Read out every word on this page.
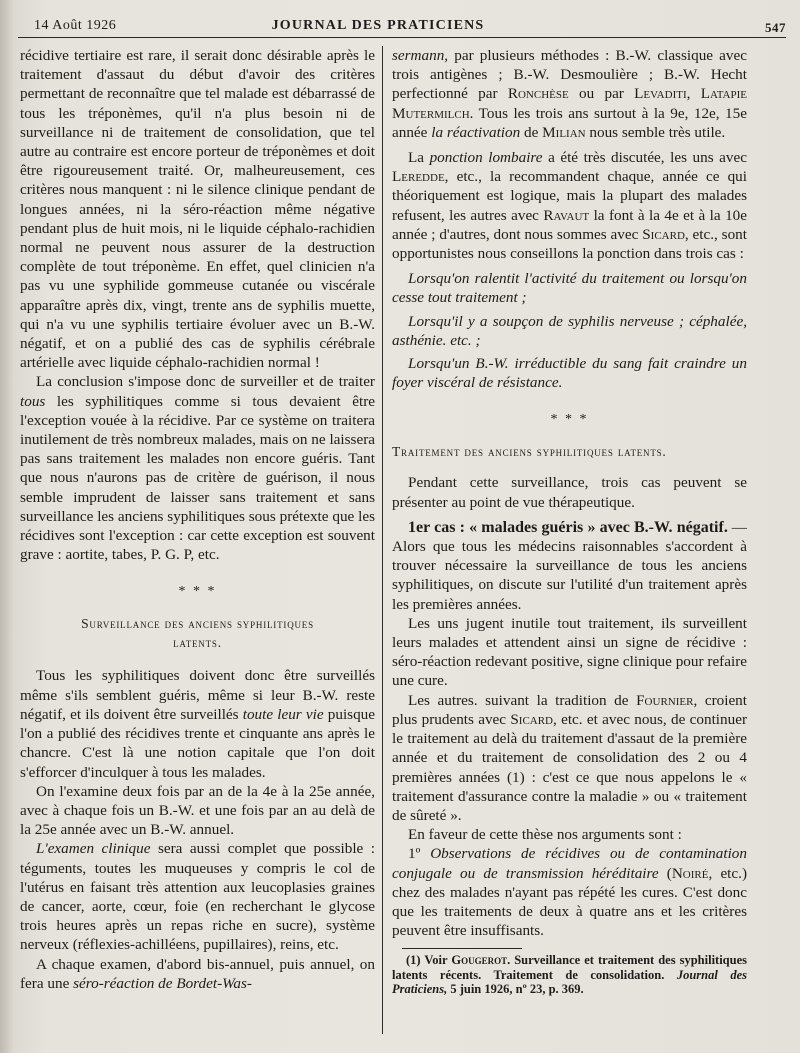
14 Août 1926	JOURNAL DES PRATICIENS	547

récidive tertiaire est rare, il serait donc désirable après le traitement d'assaut du début d'avoir des critères permettant de reconnaître que tel malade est débarrassé de tous les tréponèmes, qu'il n'a plus besoin ni de surveillance ni de traitement de consolidation, que tel autre au contraire est encore porteur de tréponèmes et doit être rigoureusement traité. Or, malheureusement, ces critères nous manquent : ni le silence clinique pendant de longues années, ni la séro-réaction même négative pendant plus de huit mois, ni le liquide céphalo-rachidien normal ne peuvent nous assurer de la destruction complète de tout tréponème. En effet, quel clinicien n'a pas vu une syphilide gommeuse cutanée ou viscérale apparaître après dix, vingt, trente ans de syphilis muette, qui n'a vu une syphilis tertiaire évoluer avec un B.-W. négatif, et on a publié des cas de syphilis cérébrale artérielle avec liquide céphalo-rachidien normal !

La conclusion s'impose donc de surveiller et de traiter tous les syphilitiques comme si tous devaient être l'exception vouée à la récidive. Par ce système on traitera inutilement de très nombreux malades, mais on ne laissera pas sans traitement les malades non encore guéris. Tant que nous n'aurons pas de critère de guérison, il nous semble imprudent de laisser sans traitement et sans surveillance les anciens syphilitiques sous prétexte que les récidives sont l'exception : car cette exception est souvent grave : aortite, tabes, P. G. P, etc.

* * *
Surveillance des anciens syphilitiques
latents.

Tous les syphilitiques doivent donc être surveillés même s'ils semblent guéris, même si leur B.-W. reste négatif, et ils doivent être surveillés toute leur vie puisque l'on a publié des récidives trente et cinquante ans après le chancre. C'est là une notion capitale que l'on doit s'efforcer d'inculquer à tous les malades.

On l'examine deux fois par an de la 4e à la 25e année, avec à chaque fois un B.-W. et une fois par an au delà de la 25e année avec un B.-W. annuel.

L'examen clinique sera aussi complet que possible : téguments, toutes les muqueuses y compris le col de l'utérus en faisant très attention aux leucoplasies graines de cancer, aorte, cœur, foie (en recherchant le glycose trois heures après un repas riche en sucre), système nerveux (réflexies-achilléens, pupillaires), reins, etc.

A chaque examen, d'abord bis-annuel, puis annuel, on fera une séro-réaction de Bordet-Was-

sermann, par plusieurs méthodes : B.-W. classique avec trois antigènes ; B.-W. Desmoulière ; B.-W. Hecht perfectionné par Ronchèse ou par Levaditi, Latapie Mutermilch. Tous les trois ans surtout à la 9e, 12e, 15e année la réactivation de Milian nous semble très utile.

La ponction lombaire a été très discutée, les uns avec Leredde, etc., la recommandent chaque, année ce qui théoriquement est logique, mais la plupart des malades refusent, les autres avec Ravaut la font à la 4e et à la 10e année ; d'autres, dont nous sommes avec Sicard, etc., sont opportunistes nous conseillons la ponction dans trois cas :

Lorsqu'on ralentit l'activité du traitement ou lorsqu'on cesse tout traitement ;

Lorsqu'il y a soupçon de syphilis nerveuse ; céphalée, asthénie. etc. ;

Lorsqu'un B.-W. irréductible du sang fait craindre un foyer viscéral de résistance.

* * *
Traitement des anciens syphilitiques latents.

Pendant cette surveillance, trois cas peuvent se présenter au point de vue thérapeutique.

1er cas : « malades guéris » avec B.-W. négatif. — Alors que tous les médecins raisonnables s'accordent à trouver nécessaire la surveillance de tous les anciens syphilitiques, on discute sur l'utilité d'un traitement après les premières années.

Les uns jugent inutile tout traitement, ils surveillent leurs malades et attendent ainsi un signe de récidive : séro-réaction redevant positive, signe clinique pour refaire une cure.

Les autres. suivant la tradition de Fournier, croient plus prudents avec Sicard, etc. et avec nous, de continuer le traitement au delà du traitement d'assaut de la première année et du traitement de consolidation des 2 ou 4 premières années (1) : c'est ce que nous appelons le « traitement d'assurance contre la maladie » ou « traitement de sûreté ».

En faveur de cette thèse nos arguments sont :

1º Observations de récidives ou de contamination conjugale ou de transmission héréditaire (Noiré, etc.) chez des malades n'ayant pas répété les cures. C'est donc que les traitements de deux à quatre ans et les critères peuvent être insuffisants.

(1) Voir Gougerot. Surveillance et traitement des syphilitiques latents récents. Traitement de consolidation. Journal des Praticiens, 5 juin 1926, nº 23, p. 369.
